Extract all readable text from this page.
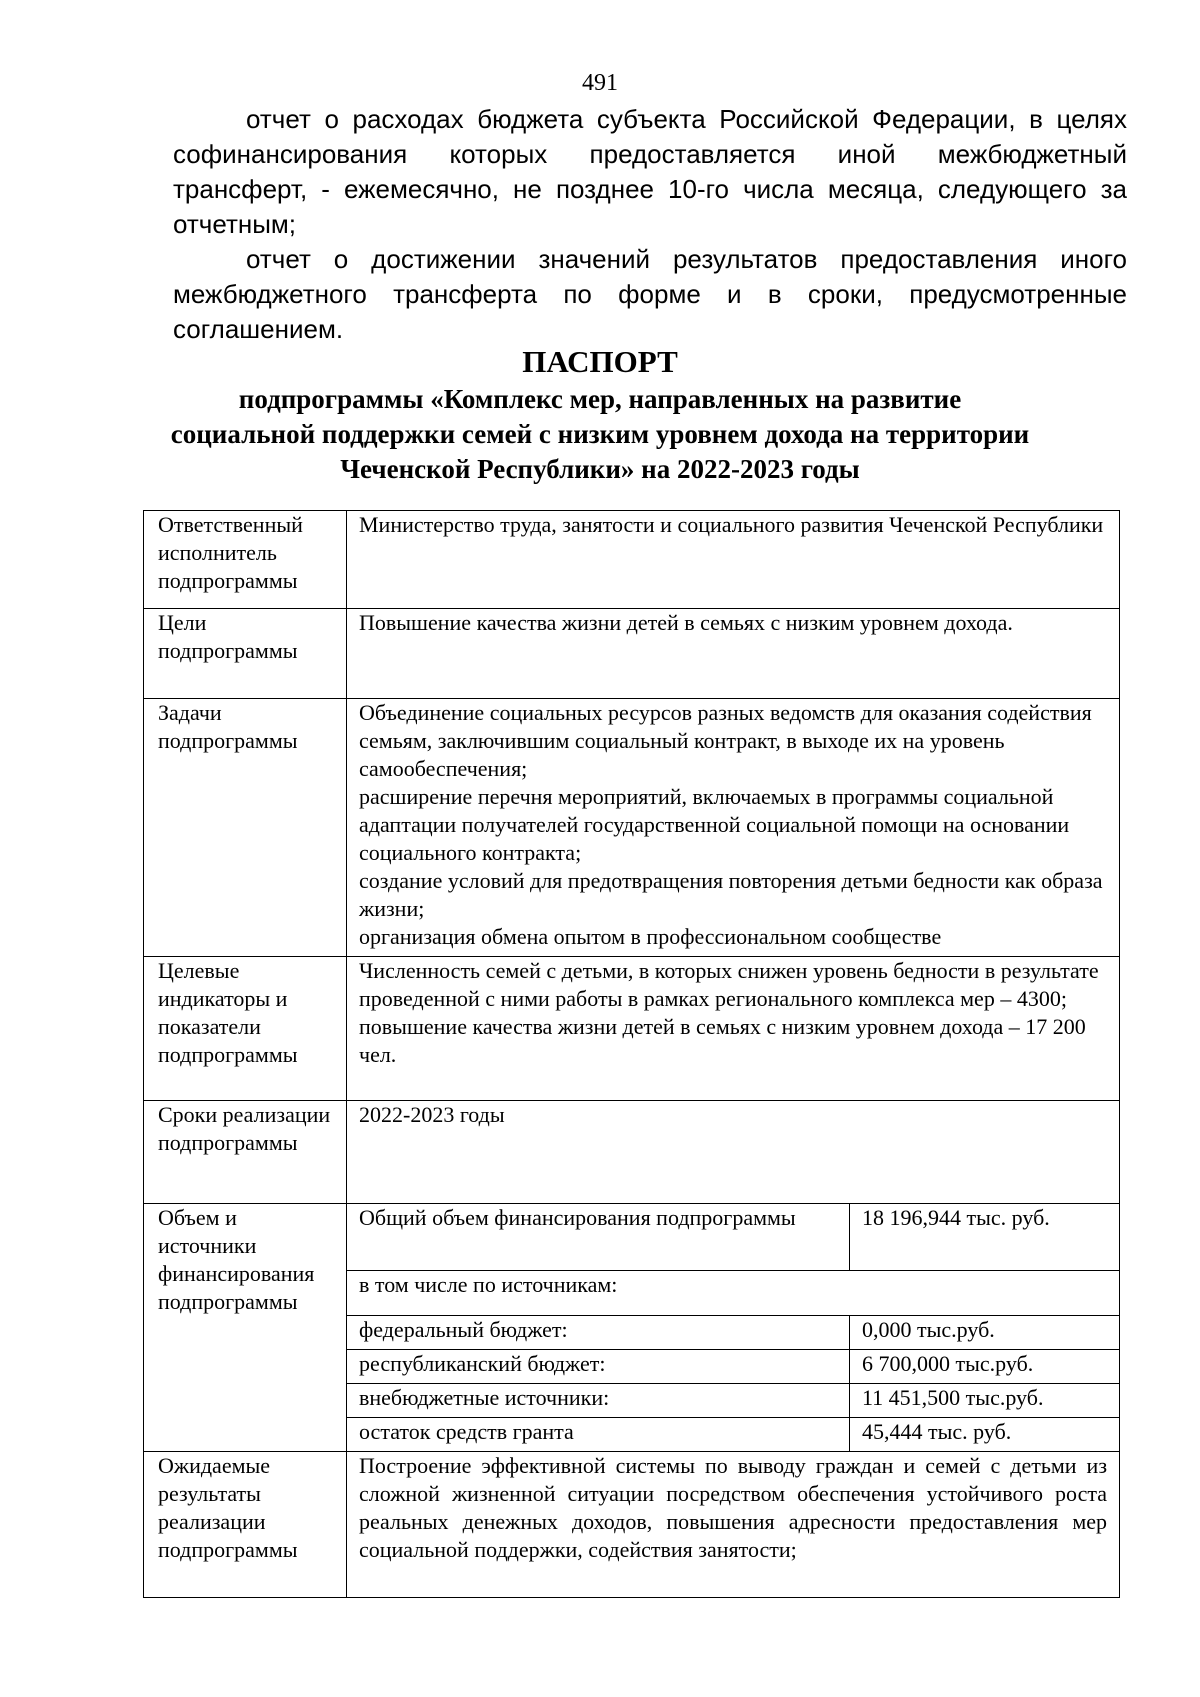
491

отчет о расходах бюджета субъекта Российской Федерации, в целях софинансирования которых предоставляется иной межбюджетный трансферт, - ежемесячно, не позднее 10-го числа месяца, следующего за отчетным;

отчет о достижении значений результатов предоставления иного межбюджетного трансферта по форме и в сроки, предусмотренные соглашением.

ПАСПОРТ
подпрограммы «Комплекс мер, направленных на развитие социальной поддержки семей с низким уровнем дохода на территории Чеченской Республики» на 2022-2023 годы
Ответственный исполнитель подпрограммы	Министерство труда, занятости и социального развития Чеченской Республики	
Цели подпрограммы	Повышение качества жизни детей в семьях с низким уровнем дохода.	
Задачи подпрограммы	Объединение социальных ресурсов разных ведомств для оказания содействия семьям, заключившим социальный контракт, в выходе их на уровень самообеспечения;
расширение перечня мероприятий, включаемых в программы социальной адаптации получателей государственной социальной помощи на основании социального контракта;
создание условий для предотвращения повторения детьми бедности как образа жизни;
организация обмена опытом в профессиональном сообществе	

Целевые индикаторы и показатели подпрограммы	Численность семей с детьми, в которых снижен уровень бедности в результате проведенной с ними работы в рамках регионального комплекса мер – 4300;
повышение качества жизни детей в семьях с низким уровнем дохода – 17 200 чел.	

Сроки реализации подпрограммы	2022-2023 годы	
Объем и источники финансирования подпрограммы	Общий объем финансирования подпрограммы	18 196,944 тыс. руб.
	в том числе по источникам:	
	федеральный бюджет:	0,000 тыс.руб.
	республиканский бюджет:	6 700,000 тыс.руб.
	внебюджетные источники:	11 451,500 тыс.руб.
	остаток средств гранта	45,444 тыс. руб.
Ожидаемые результаты реализации подпрограммы	Построение эффективной системы по выводу граждан и семей с детьми из сложной жизненной ситуации посредством обеспечения устойчивого роста реальных денежных доходов, повышения адресности предоставления мер социальной поддержки, содействия занятости;	
